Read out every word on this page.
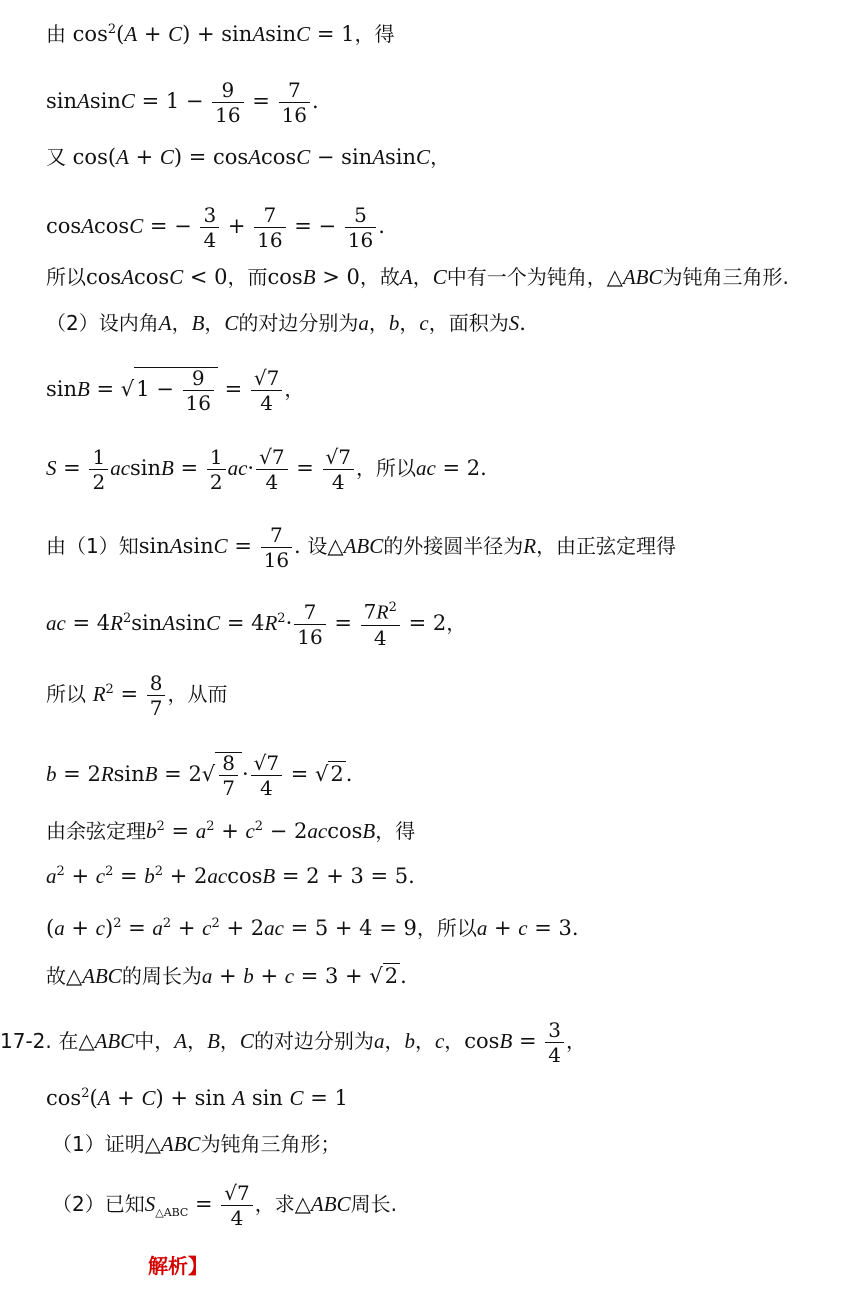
由 $\cos^2(A + C)$ + sinAsinC = 1，得
sinAsinC = $1 - \frac{9}{16} = \frac{7}{16}$ .
又 cos(A + C) = cosAcosC − sinAsinC，
cosAcosC = − $\frac{3}{4} + \frac{7}{16}$ = − $\frac{5}{16}$ .
所以cosAcosC < 0，而cosB > 0，故A，C中有一个为钝角，△ABC为钝角三角形.
（2）设内角A，B，C的对边分别为a，b，c，面积为S.
$\sin B = √1 - \frac{9}{16} = \frac{√7}{4}$ ，
$S = \frac{1}{2}$ $acsinB = \frac{1}{2} ac\cdot \frac{√7}{4} = \frac{√7}{4}$ ，所以ac = 2.
由（1）知sinAsinC = $\frac{7}{16}$ . 设△ABC的外接圆半径为R，由正弦定理得
ac = $4R^2sinAsinC = 4R^2\cdot \frac{7}{16} = \frac{7R^2}{4} = 2$，
所以 $R^2 = \frac{8}{7}$ ，从而
$b = 2RsinB = 2√ \frac{8}{7} \cdot \frac{√7}{4} = √2$.
由余弦定理$b^2 = a^2 + c^2 - 2accosB$，得
$a^2 + c^2 = b^2 + 2accosB = 2 + 3 = 5$.
$(a + c)^2 = a^2 + c^2 + 2ac = 5 + 4 = 9$，所以a + c = 3.
故△ABC的周长为a + b + c = 3 + √2.
17-2. 在△ABC中，A，B，C的对边分别为a，b，c，$\cos B = \frac{3}{4}$ ，
$\cos^2(A + C) + \sin A$ sin C = 1
（1）证明△ABC为钝角三角形；
（2）已知$S_{\triangle ABC} = \frac{√7}{4}$ ，求△ABC周长.
解析】
